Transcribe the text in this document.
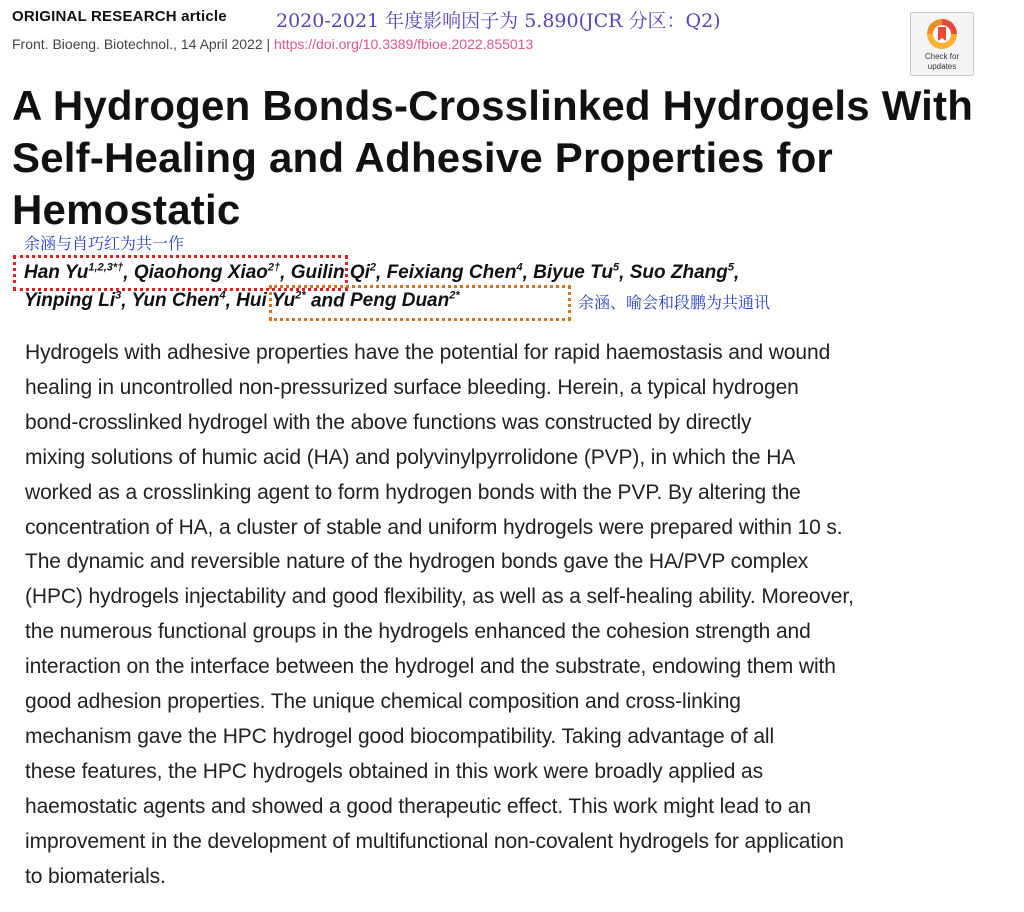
ORIGINAL RESEARCH article	2020-2021 年度影响因子为 5.890(JCR 分区：Q2)
Front. Bioeng. Biotechnol., 14 April 2022 | https://doi.org/10.3389/fbioe.2022.855013
Check for
updates
A Hydrogen Bonds-Crosslinked Hydrogels With Self-Healing and Adhesive Properties for Hemostatic
余涵与肖巧红为共一作
Han $Yu^{1,2,3*\dagger}$, Qiaohong Xiao$^{2\dagger}$, Guilin Qi$^2$, Feixiang Chen$^4$, Biyue Tu$^5$, Suo Zhang$^5$,
Yinping Li$^3$, Yun Chen$^4$, Hui $Yu^{2*}$ and Peng Duan$^{2*}$	余涵、喻会和段鹏为共通讯
Hydrogels with adhesive properties have the potential for rapid haemostasis and wound
healing in uncontrolled non-pressurized surface bleeding. Herein, a typical hydrogen
bond-crosslinked hydrogel with the above functions was constructed by directly
mixing solutions of humic acid (HA) and polyvinylpyrrolidone (PVP), in which the HA
worked as a crosslinking agent to form hydrogen bonds with the PVP. By altering the
concentration of HA, a cluster of stable and uniform hydrogels were prepared within 10 s.
The dynamic and reversible nature of the hydrogen bonds gave the HA/PVP complex
(HPC) hydrogels injectability and good flexibility, as well as a self-healing ability. Moreover,
the numerous functional groups in the hydrogels enhanced the cohesion strength and
interaction on the interface between the hydrogel and the substrate, endowing them with
good adhesion properties. The unique chemical composition and cross-linking
mechanism gave the HPC hydrogel good biocompatibility. Taking advantage of all
these features, the HPC hydrogels obtained in this work were broadly applied as
haemostatic agents and showed a good therapeutic effect. This work might lead to an
improvement in the development of multifunctional non-covalent hydrogels for application
to biomaterials.
